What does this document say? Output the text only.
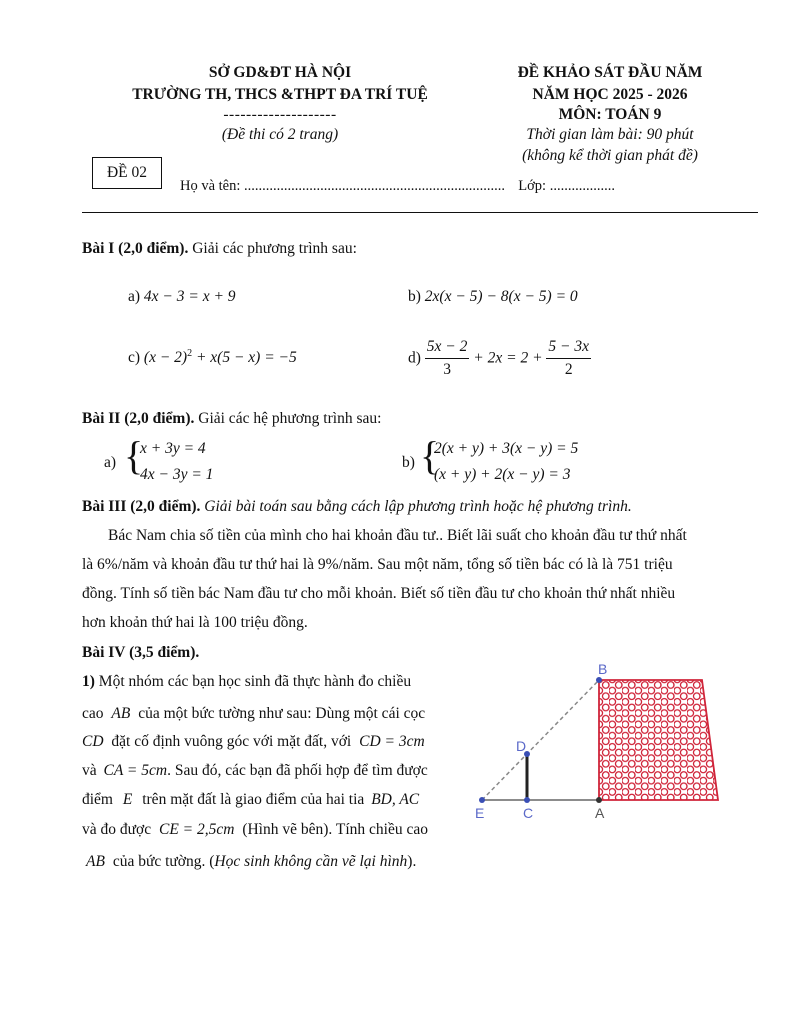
SỞ GD&ĐT HÀ NỘI
TRƯỜNG TH, THCS &THPT ĐA TRÍ TUỆ
--------------------
(Đề thi có 2 trang)
ĐỀ KHẢO SÁT ĐẦU NĂM
NĂM HỌC 2025 - 2026
MÔN: TOÁN 9
Thời gian làm bài: 90 phút
(không kể thời gian phát đề)
ĐỀ 02
Họ và tên: ........................................................................ Lớp: ..................
Bài I (2,0 điểm). Giải các phương trình sau:
a) 4x − 3 = x + 9	b) 2x(x − 5) − 8(x − 5) = 0
c) $(x - 2)^2 + x(5 - x) = -5$	$d) \frac{5x - 2}{3} + 2x = 2 + \frac{5 - 3x}{2}$
Bài II (2,0 điểm). Giải các hệ phương trình sau:
a) {
x + 3y = 4
4x − 3y = 1
b) {
2(x + y) + 3(x − y) = 5
(x + y) + 2(x − y) = 3
Bài III (2,0 điểm). Giải bài toán sau bằng cách lập phương trình hoặc hệ phương trình.
Bác Nam chia số tiền của mình cho hai khoản đầu tư.. Biết lãi suất cho khoản đầu tư thứ nhất
là 6%/năm và khoản đầu tư thứ hai là 9%/năm. Sau một năm, tổng số tiền bác có là là 751 triệu
đồng. Tính số tiền bác Nam đầu tư cho mỗi khoản. Biết số tiền đầu tư cho khoản thứ nhất nhiều
hơn khoản thứ hai là 100 triệu đồng.
Bài IV (3,5 điểm).
1) Một nhóm các bạn học sinh đã thực hành đo chiều
cao AB của một bức tường như sau: Dùng một cái cọc
CD đặt cố định vuông góc với mặt đất, với CD = 3cm
và CA = 5cm. Sau đó, các bạn đã phối hợp để tìm được
điểm E trên mặt đất là giao điểm của hai tia BD, AC
và đo được CE = 2,5cm (Hình vẽ bên). Tính chiều cao
AB của bức tường. (Học sinh không cần vẽ lại hình).
B
D
E	C	A
